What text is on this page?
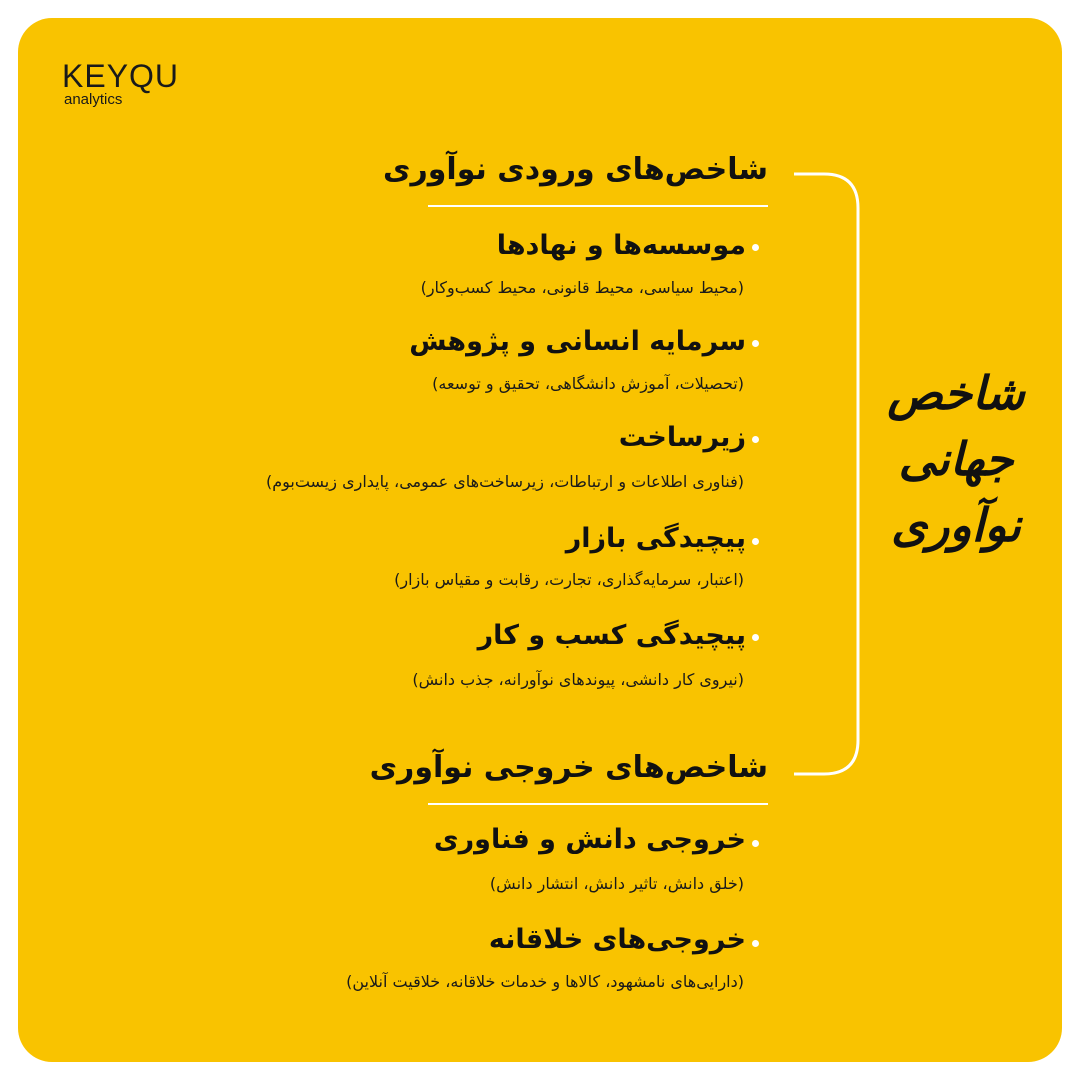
KEYQU
analytics
شاخص
جهانی
نوآوری
شاخص‌های ورودی نوآوری
موسسه‌ها و نهادها
(محیط سیاسی، محیط قانونی، محیط کسب‌وکار)
سرمایه انسانی و پژوهش
(تحصیلات، آموزش دانشگاهی، تحقیق و توسعه)
زیرساخت
(فناوری اطلاعات و ارتباطات، زیرساخت‌های عمومی، پایداری زیست‌بوم)
پیچیدگی بازار
(اعتبار، سرمایه‌گذاری، تجارت، رقابت و مقیاس بازار)
پیچیدگی کسب و کار
(نیروی کار دانشی، پیوندهای نوآورانه، جذب دانش)
شاخص‌های خروجی نوآوری
خروجی دانش و فناوری
(خلق دانش، تاثیر دانش، انتشار دانش)
خروجی‌های خلاقانه
(دارایی‌های نامشهود، کالاها و خدمات خلاقانه، خلاقیت آنلاین)
